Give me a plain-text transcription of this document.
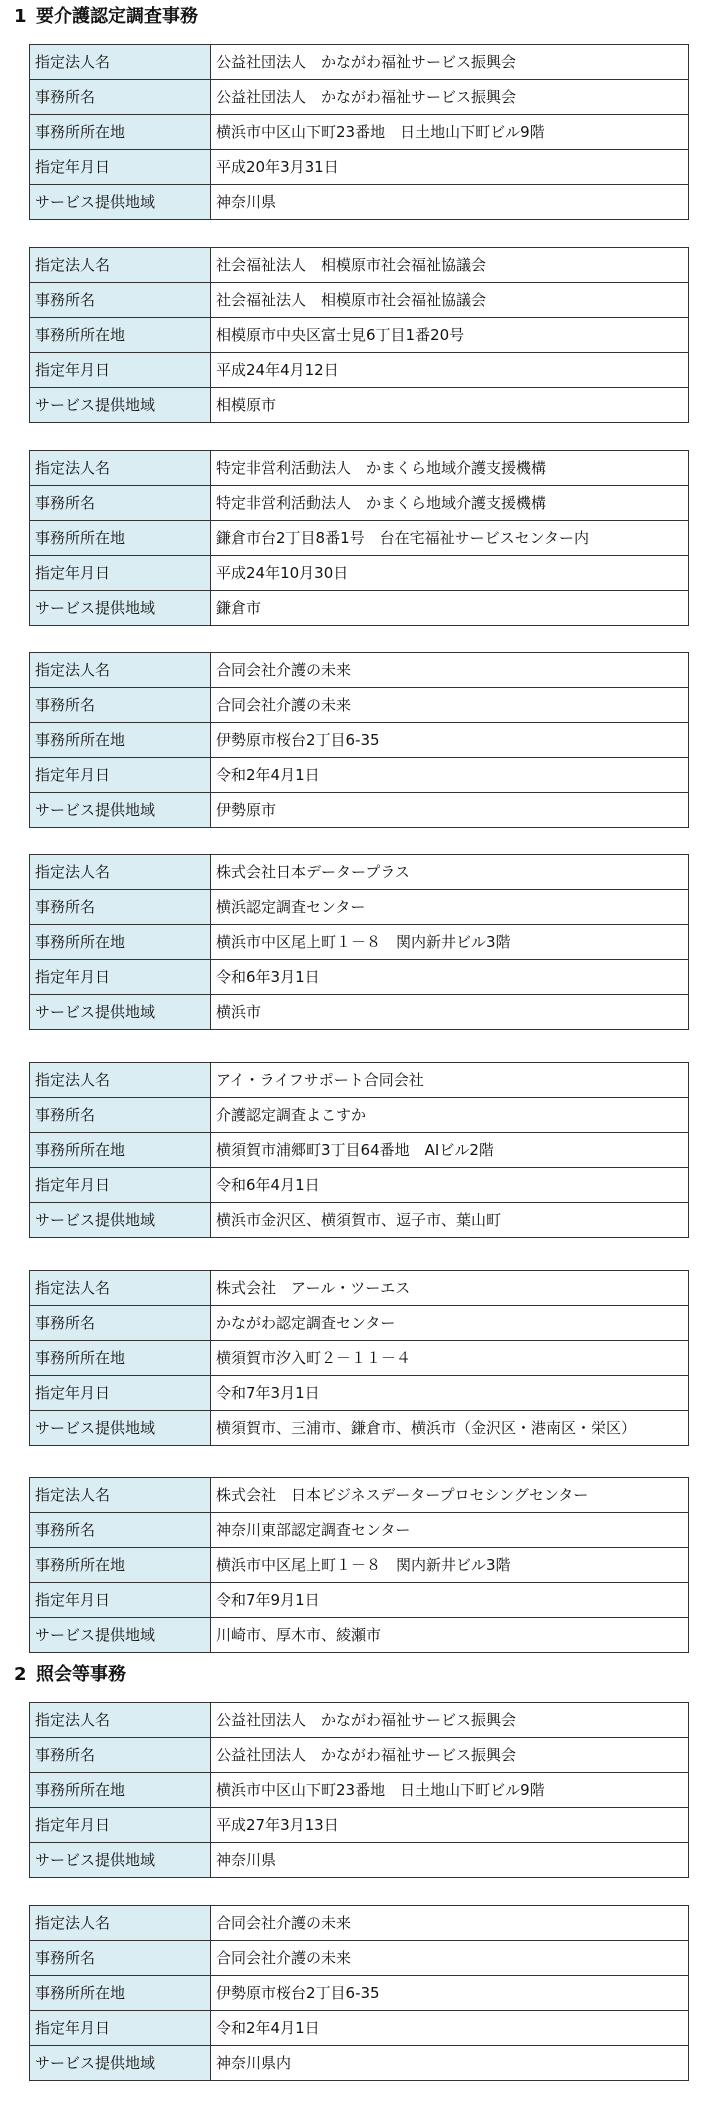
1 要介護認定調査事務
指定法人名	公益社団法人　かながわ福祉サービス振興会
事務所名	公益社団法人　かながわ福祉サービス振興会
事務所所在地	横浜市中区山下町23番地　日土地山下町ビル9階
指定年月日	平成20年3月31日
サービス提供地域	神奈川県
指定法人名	社会福祉法人　相模原市社会福祉協議会
事務所名	社会福祉法人　相模原市社会福祉協議会
事務所所在地	相模原市中央区富士見6丁目1番20号
指定年月日	平成24年4月12日
サービス提供地域	相模原市
指定法人名	特定非営利活動法人　かまくら地域介護支援機構
事務所名	特定非営利活動法人　かまくら地域介護支援機構
事務所所在地	鎌倉市台2丁目8番1号　台在宅福祉サービスセンター内
指定年月日	平成24年10月30日
サービス提供地域	鎌倉市
指定法人名	合同会社介護の未来
事務所名	合同会社介護の未来
事務所所在地	伊勢原市桜台2丁目6-35
指定年月日	令和2年4月1日
サービス提供地域	伊勢原市
指定法人名	株式会社日本データープラス
事務所名	横浜認定調査センター
事務所所在地	横浜市中区尾上町１－８　関内新井ビル3階
指定年月日	令和6年3月1日
サービス提供地域	横浜市
指定法人名	アイ・ライフサポート合同会社
事務所名	介護認定調査よこすか
事務所所在地	横須賀市浦郷町3丁目64番地　AIビル2階
指定年月日	令和6年4月1日
サービス提供地域	横浜市金沢区、横須賀市、逗子市、葉山町
指定法人名	株式会社　アール・ツーエス
事務所名	かながわ認定調査センター
事務所所在地	横須賀市汐入町２－１１－４
指定年月日	令和7年3月1日
サービス提供地域	横須賀市、三浦市、鎌倉市、横浜市（金沢区・港南区・栄区）
指定法人名	株式会社　日本ビジネスデータープロセシングセンター
事務所名	神奈川東部認定調査センター
事務所所在地	横浜市中区尾上町１－８　関内新井ビル3階
指定年月日	令和7年9月1日
サービス提供地域	川崎市、厚木市、綾瀬市
2 照会等事務
指定法人名	公益社団法人　かながわ福祉サービス振興会
事務所名	公益社団法人　かながわ福祉サービス振興会
事務所所在地	横浜市中区山下町23番地　日土地山下町ビル9階
指定年月日	平成27年3月13日
サービス提供地域	神奈川県
指定法人名	合同会社介護の未来
事務所名	合同会社介護の未来
事務所所在地	伊勢原市桜台2丁目6-35
指定年月日	令和2年4月1日
サービス提供地域	神奈川県内
